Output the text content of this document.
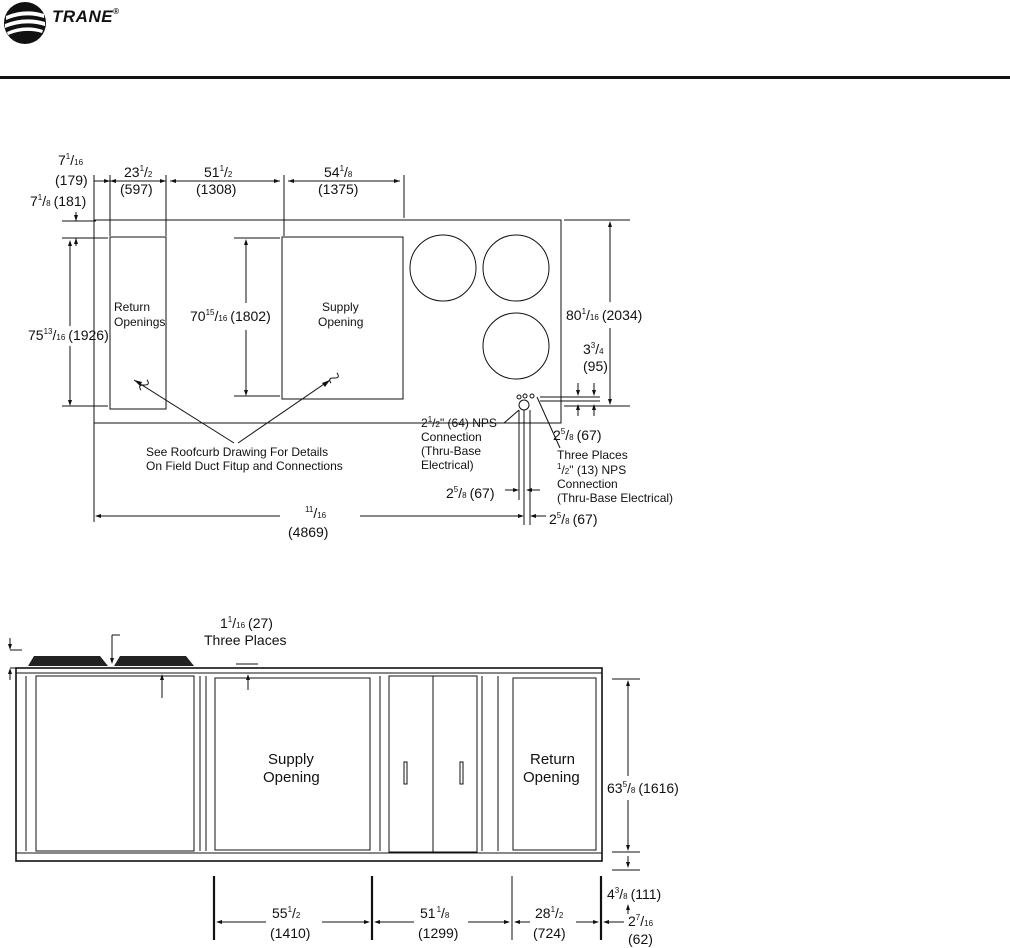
TRANE®
$7^1/16$
(179)	$23^1/2$
(597)
$51^1/2$
(1308)
$54^1/8$
(1375)
$7^1/8$ (181)
Return
Openings
Supply
Opening
$75^{13}/16$ (1926)
$70^{15}/16$ (1802)	$80^1/16$ (2034)
$3^3/4$
(95)
$2^5/8$ (67)
$2^1/2$" (64) NPS
Connection
(Thru-Base
Electrical)
Three Places
$^1$/2" (13) NPS
Connection
(Thru-Base Electrical)
$2^5/8$ (67)
$^{11}$/16
(4869)
$2^5/8$ (67)
See Roofcurb Drawing For Details
On Field Duct Fitup and Connections
$1^1/16$ (27)
Three Places
Supply
Opening
Return
Opening
$63^5/8$ (1616)
$4^3/8$ (111)
$55^1/2$
(1410)
$51^1/8$
(1299)
$28^1/2$
(724)
$2^7/16$
(62)
